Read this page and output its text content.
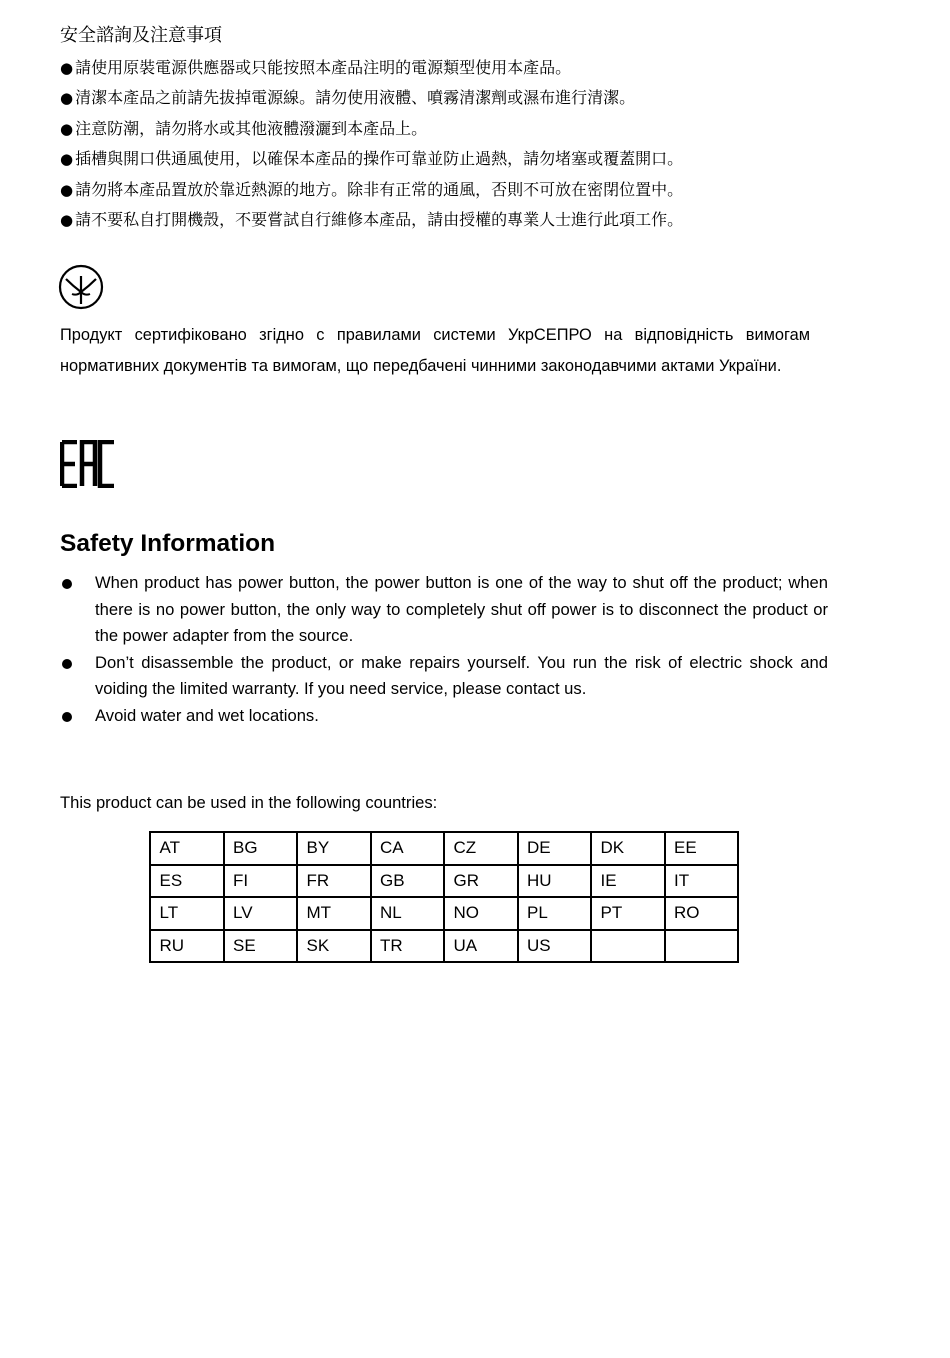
安全諮詢及注意事項
● 請使用原裝電源供應器或只能按照本產品注明的電源類型使用本產品。
● 清潔本產品之前請先拔掉電源線。請勿使用液體、噴霧清潔劑或濕布進行清潔。
● 注意防潮，請勿將水或其他液體潑灑到本產品上。
● 插槽與開口供通風使用，以確保本產品的操作可靠並防止過熱，請勿堵塞或覆蓋開口。
● 請勿將本產品置放於靠近熱源的地方。除非有正常的通風，否則不可放在密閉位置中。
● 請不要私自打開機殼，不要嘗試自行維修本產品，請由授權的專業人士進行此項工作。
Продукт сертифіковано згідно с правилами системи УкрСЕПРО на відповідність вимогам нормативних документів та вимогам, що передбачені чинними законодавчими актами України.
Safety Information
When product has power button, the power button is one of the way to shut off the product; when there is no power button, the only way to completely shut off power is to disconnect the product or the power adapter from the source.
Don’t disassemble the product, or make repairs yourself. You run the risk of electric shock and voiding the limited warranty. If you need service, please contact us.
Avoid water and wet locations.
This product can be used in the following countries:
AT	BG	BY	CA	CZ	DE	DK	EE
ES	FI	FR	GB	GR	HU	IE	IT
LT	LV	MT	NL	NO	PL	PT	RO
RU	SE	SK	TR	UA	US		
